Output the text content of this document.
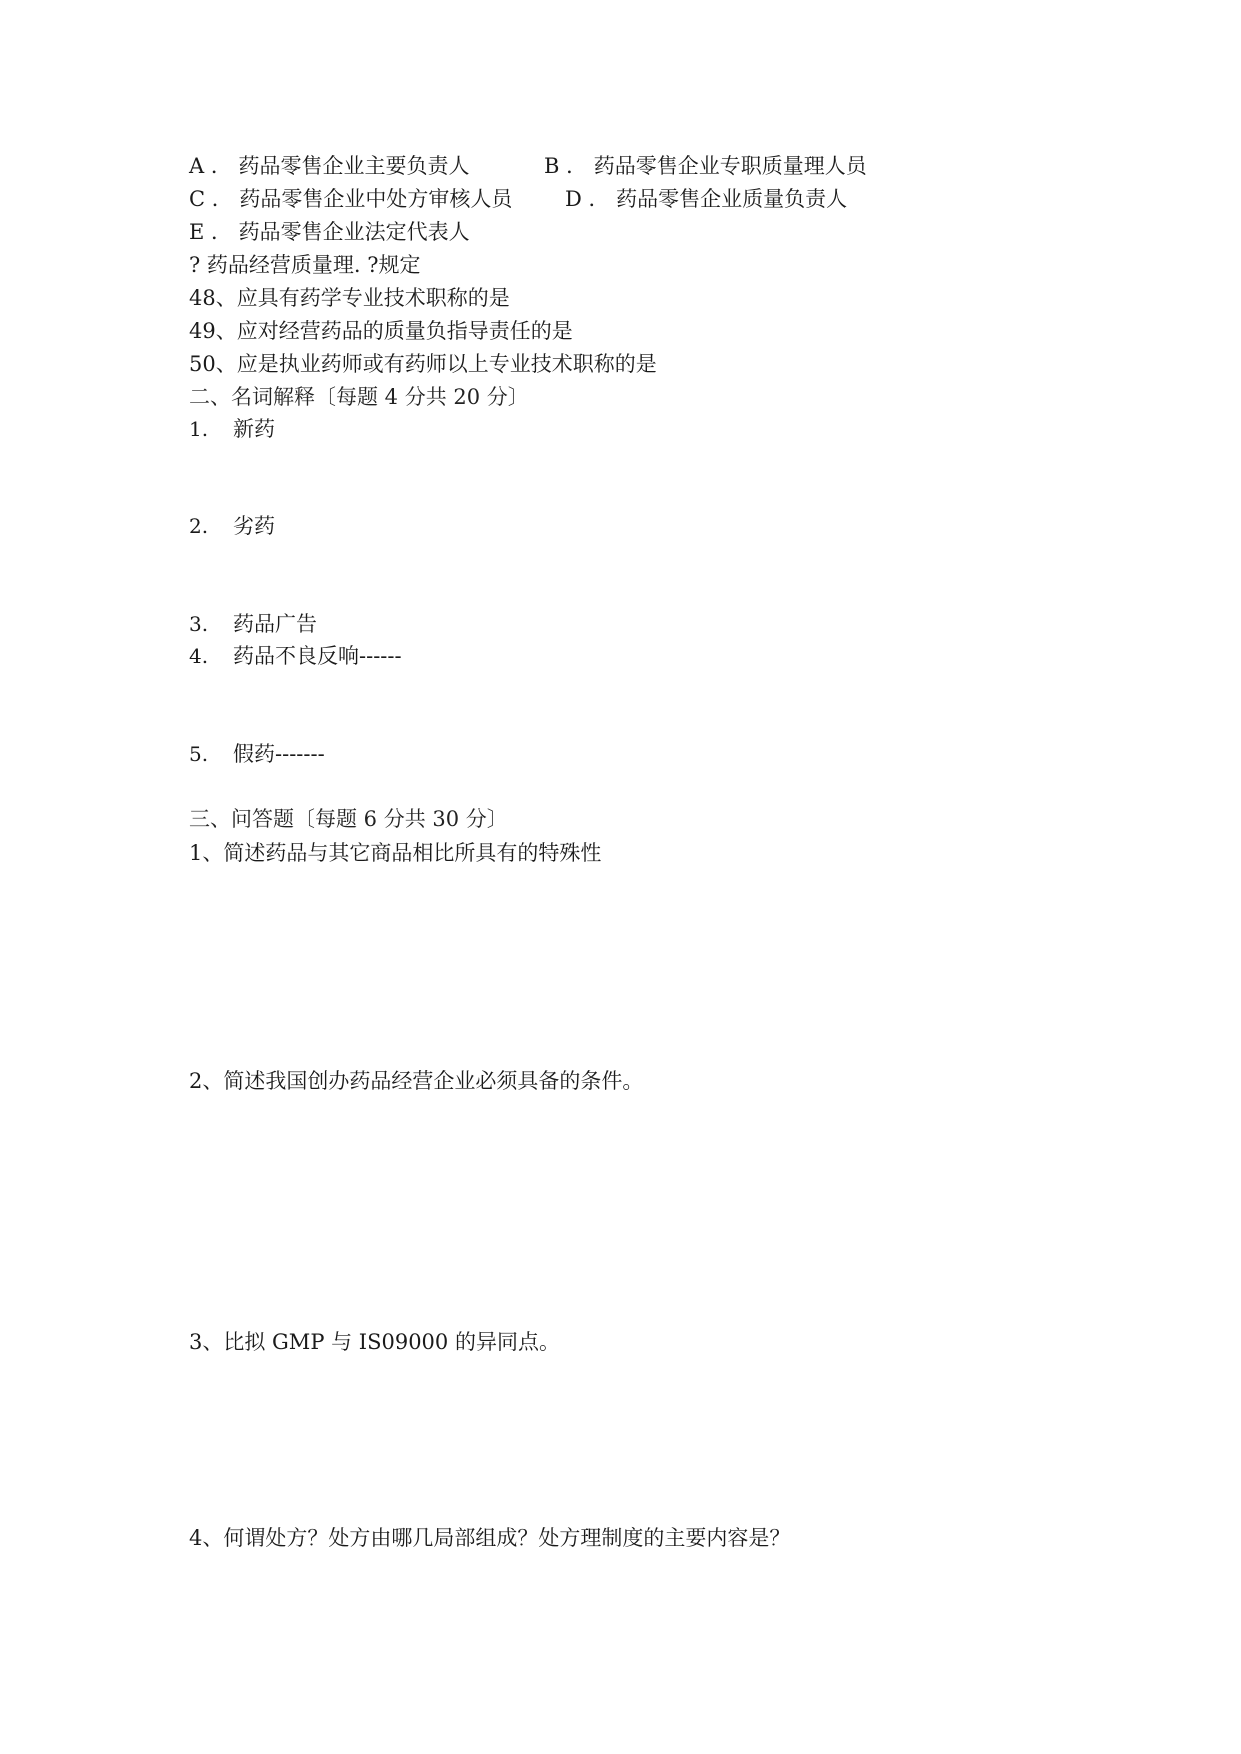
A ． 药品零售企业主要负责人	B ． 药品零售企业专职质量理人员
C ． 药品零售企业中处方审核人员	D ． 药品零售企业质量负责人
E ． 药品零售企业法定代表人
? 药品经营质量理. ?规定
48、应具有药学专业技术职称的是
49、应对经营药品的质量负指导责任的是
50、应是执业药师或有药师以上专业技术职称的是
二、名词解释〔每题 4 分共 20 分〕
1. 新药
2. 劣药
3. 药品广告
4. 药品不良反响------
5. 假药-------
三、问答题〔每题 6 分共 30 分〕
1、简述药品与其它商品相比所具有的特殊性
2、简述我国创办药品经营企业必须具备的条件。
3、比拟 GMP 与 IS09000 的异同点。
4、何谓处方？处方由哪几局部组成？处方理制度的主要内容是？
